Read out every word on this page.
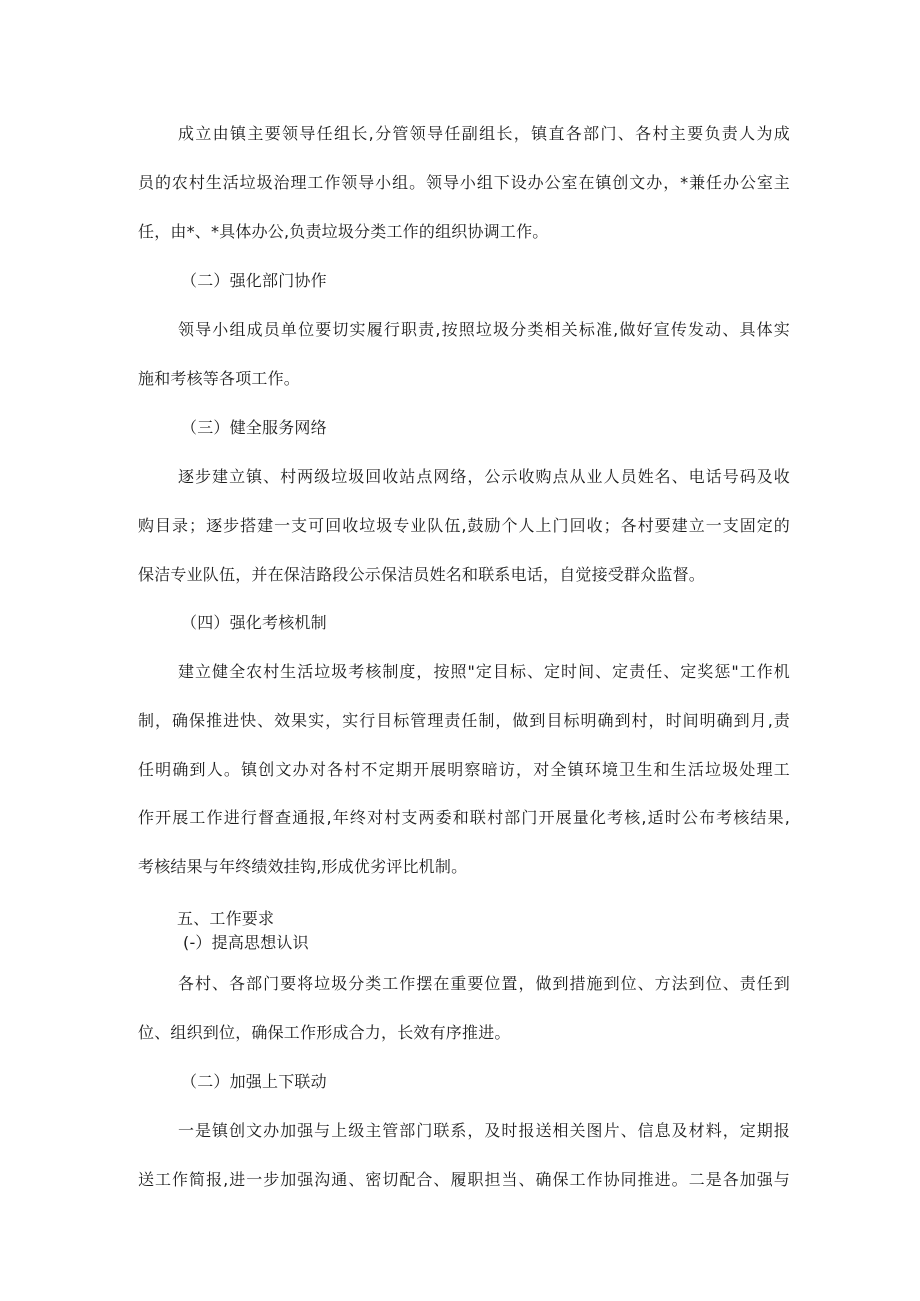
成立由镇主要领导任组长,分管领导任副组长，镇直各部门、各村主要负责人为成
员的农村生活垃圾治理工作领导小组。领导小组下设办公室在镇创文办，*兼任办公室主
任，由*、*具体办公,负责垃圾分类工作的组织协调工作。
（二）强化部门协作
领导小组成员单位要切实履行职责,按照垃圾分类相关标准,做好宣传发动、具体实
施和考核等各项工作。
（三）健全服务网络
逐步建立镇、村两级垃圾回收站点网络，公示收购点从业人员姓名、电话号码及收
购目录；逐步搭建一支可回收垃圾专业队伍,鼓励个人上门回收；各村要建立一支固定的
保洁专业队伍，并在保洁路段公示保洁员姓名和联系电话，自觉接受群众监督。
（四）强化考核机制
建立健全农村生活垃圾考核制度，按照"定目标、定时间、定责任、定奖惩"工作机
制，确保推进快、效果实，实行目标管理责任制，做到目标明确到村，时间明确到月,责
任明确到人。镇创文办对各村不定期开展明察暗访，对全镇环境卫生和生活垃圾处理工
作开展工作进行督查通报,年终对村支两委和联村部门开展量化考核,适时公布考核结果,
考核结果与年终绩效挂钩,形成优劣评比机制。
五、工作要求
(-）提高思想认识
各村、各部门要将垃圾分类工作摆在重要位置，做到措施到位、方法到位、责任到
位、组织到位，确保工作形成合力，长效有序推进。
（二）加强上下联动
一是镇创文办加强与上级主管部门联系，及时报送相关图片、信息及材料，定期报
送工作简报,进一步加强沟通、密切配合、履职担当、确保工作协同推进。二是各加强与
